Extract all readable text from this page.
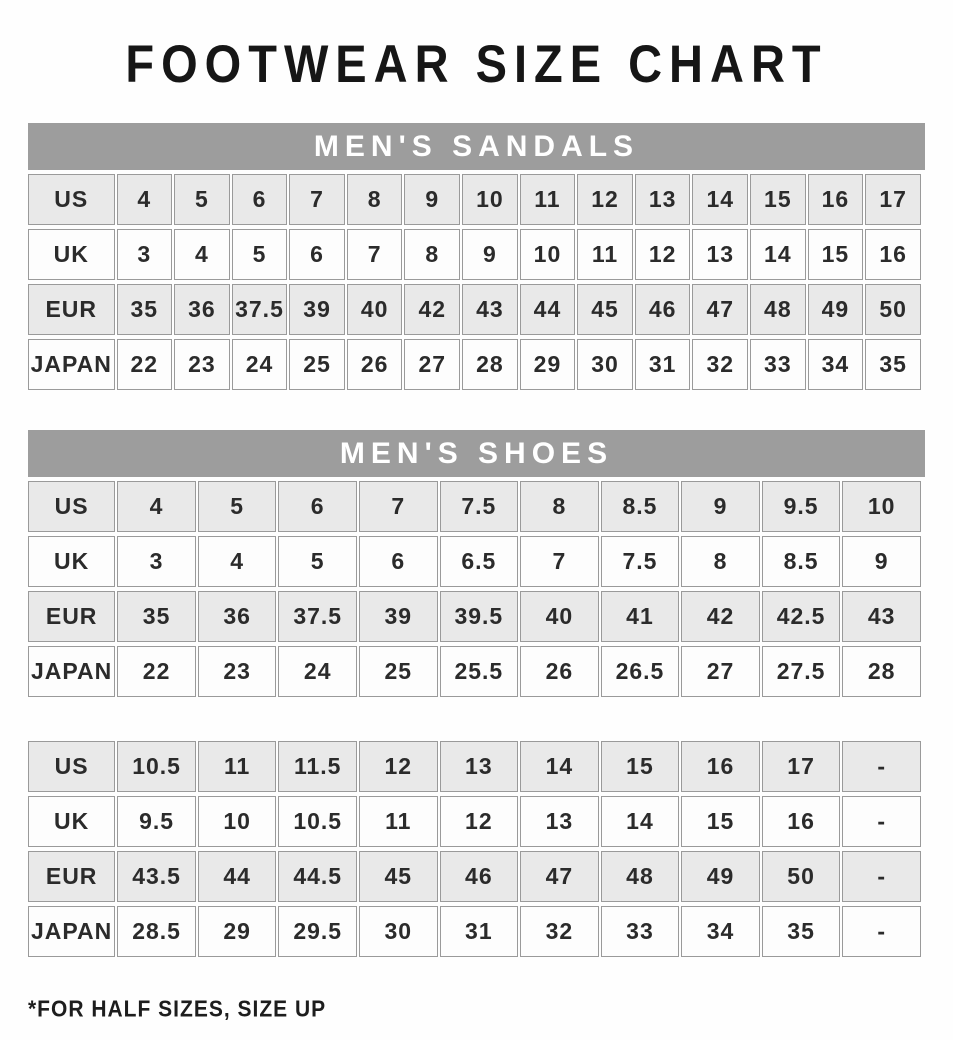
FOOTWEAR SIZE CHART
MEN'S SANDALS
US	4	5	6	7	8	9	10	11	12	13	14	15	16	17
UK	3	4	5	6	7	8	9	10	11	12	13	14	15	16
EUR	35	36	37.5	39	40	42	43	44	45	46	47	48	49	50
JAPAN	22	23	24	25	26	27	28	29	30	31	32	33	34	35
MEN'S SHOES
US	4	5	6	7	7.5	8	8.5	9	9.5	10
UK	3	4	5	6	6.5	7	7.5	8	8.5	9
EUR	35	36	37.5	39	39.5	40	41	42	42.5	43
JAPAN	22	23	24	25	25.5	26	26.5	27	27.5	28
US	10.5	11	11.5	12	13	14	15	16	17	-
UK	9.5	10	10.5	11	12	13	14	15	16	-
EUR	43.5	44	44.5	45	46	47	48	49	50	-
JAPAN	28.5	29	29.5	30	31	32	33	34	35	-
*FOR HALF SIZES, SIZE UP
